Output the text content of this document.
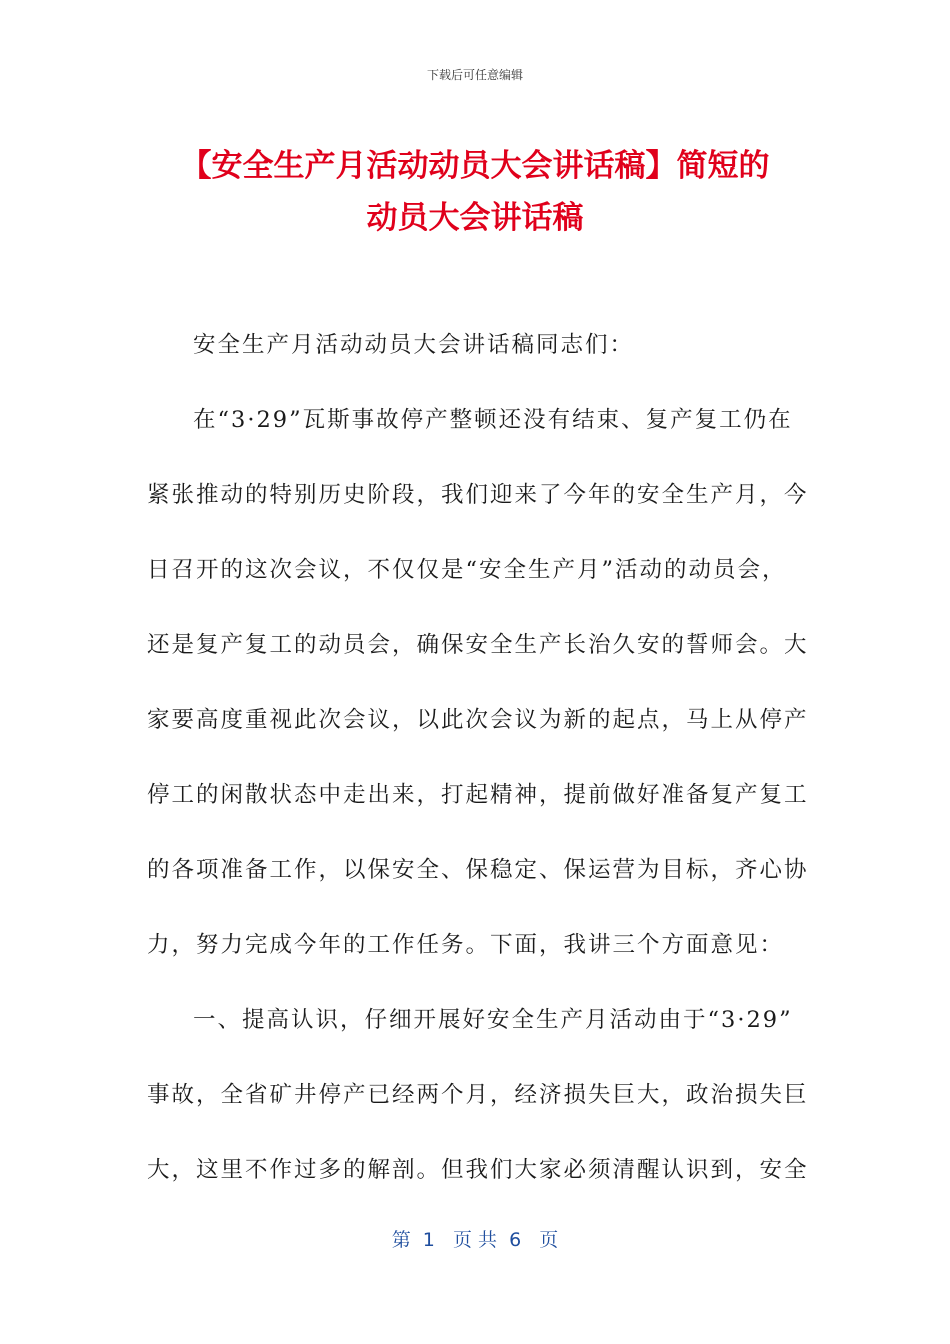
下载后可任意编辑
【安全生产月活动动员大会讲话稿】简短的
动员大会讲话稿
安全生产月活动动员大会讲话稿同志们：
在“3·29”瓦斯事故停产整顿还没有结束、复产复工仍在
紧张推动的特别历史阶段，我们迎来了今年的安全生产月，今
日召开的这次会议，不仅仅是“安全生产月”活动的动员会，
还是复产复工的动员会，确保安全生产长治久安的誓师会。大
家要高度重视此次会议，以此次会议为新的起点，马上从停产
停工的闲散状态中走出来，打起精神，提前做好准备复产复工
的各项准备工作，以保安全、保稳定、保运营为目标，齐心协
力，努力完成今年的工作任务。下面，我讲三个方面意见：
一、提高认识，仔细开展好安全生产月活动由于“3·29”
事故，全省矿井停产已经两个月，经济损失巨大，政治损失巨
大，这里不作过多的解剖。但我们大家必须清醒认识到，安全
第  1   页 共  6   页
